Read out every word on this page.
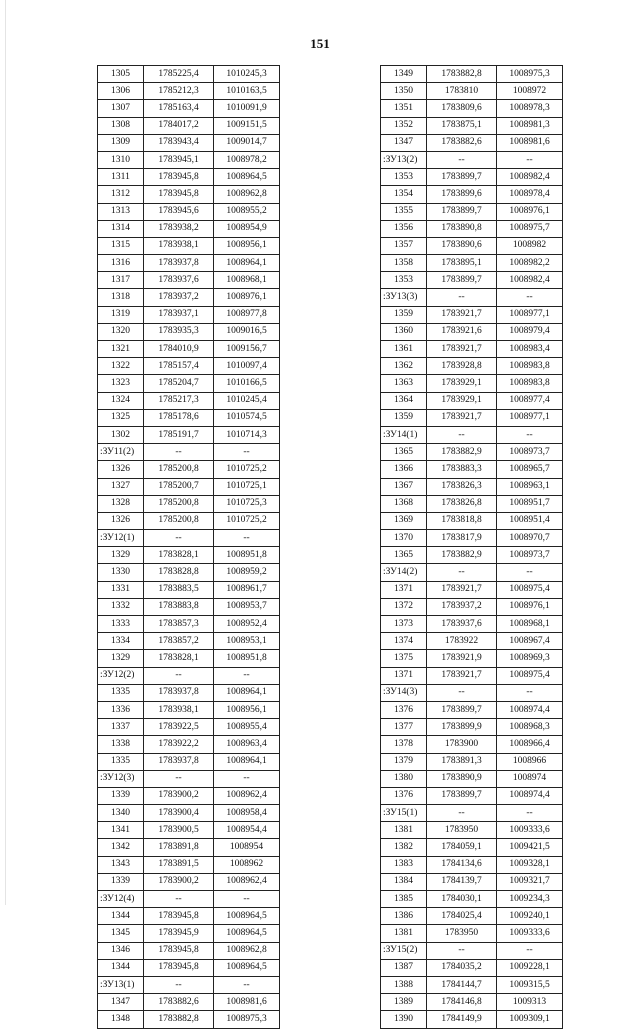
151
1305	1785225,4	1010245,3
1306	1785212,3	1010163,5
1307	1785163,4	1010091,9
1308	1784017,2	1009151,5
1309	1783943,4	1009014,7
1310	1783945,1	1008978,2
1311	1783945,8	1008964,5
1312	1783945,8	1008962,8
1313	1783945,6	1008955,2
1314	1783938,2	1008954,9
1315	1783938,1	1008956,1
1316	1783937,8	1008964,1
1317	1783937,6	1008968,1
1318	1783937,2	1008976,1
1319	1783937,1	1008977,8
1320	1783935,3	1009016,5
1321	1784010,9	1009156,7
1322	1785157,4	1010097,4
1323	1785204,7	1010166,5
1324	1785217,3	1010245,4
1325	1785178,6	1010574,5
1302	1785191,7	1010714,3
:ЗУ11(2)	--	--
1326	1785200,8	1010725,2
1327	1785200,7	1010725,1
1328	1785200,8	1010725,3
1326	1785200,8	1010725,2
:ЗУ12(1)	--	--
1329	1783828,1	1008951,8
1330	1783828,8	1008959,2
1331	1783883,5	1008961,7
1332	1783883,8	1008953,7
1333	1783857,3	1008952,4
1334	1783857,2	1008953,1
1329	1783828,1	1008951,8
:ЗУ12(2)	--	--
1335	1783937,8	1008964,1
1336	1783938,1	1008956,1
1337	1783922,5	1008955,4
1338	1783922,2	1008963,4
1335	1783937,8	1008964,1
:ЗУ12(3)	--	--
1339	1783900,2	1008962,4
1340	1783900,4	1008958,4
1341	1783900,5	1008954,4
1342	1783891,8	1008954
1343	1783891,5	1008962
1339	1783900,2	1008962,4
:ЗУ12(4)	--	--
1344	1783945,8	1008964,5
1345	1783945,9	1008964,5
1346	1783945,8	1008962,8
1344	1783945,8	1008964,5
:ЗУ13(1)	--	--
1347	1783882,6	1008981,6
1348	1783882,8	1008975,3
1349	1783882,8	1008975,3
1350	1783810	1008972
1351	1783809,6	1008978,3
1352	1783875,1	1008981,3
1347	1783882,6	1008981,6
:ЗУ13(2)	--	--
1353	1783899,7	1008982,4
1354	1783899,6	1008978,4
1355	1783899,7	1008976,1
1356	1783890,8	1008975,7
1357	1783890,6	1008982
1358	1783895,1	1008982,2
1353	1783899,7	1008982,4
:ЗУ13(3)	--	--
1359	1783921,7	1008977,1
1360	1783921,6	1008979,4
1361	1783921,7	1008983,4
1362	1783928,8	1008983,8
1363	1783929,1	1008983,8
1364	1783929,1	1008977,4
1359	1783921,7	1008977,1
:ЗУ14(1)	--	--
1365	1783882,9	1008973,7
1366	1783883,3	1008965,7
1367	1783826,3	1008963,1
1368	1783826,8	1008951,7
1369	1783818,8	1008951,4
1370	1783817,9	1008970,7
1365	1783882,9	1008973,7
:ЗУ14(2)	--	--
1371	1783921,7	1008975,4
1372	1783937,2	1008976,1
1373	1783937,6	1008968,1
1374	1783922	1008967,4
1375	1783921,9	1008969,3
1371	1783921,7	1008975,4
:ЗУ14(3)	--	--
1376	1783899,7	1008974,4
1377	1783899,9	1008968,3
1378	1783900	1008966,4
1379	1783891,3	1008966
1380	1783890,9	1008974
1376	1783899,7	1008974,4
:ЗУ15(1)	--	--
1381	1783950	1009333,6
1382	1784059,1	1009421,5
1383	1784134,6	1009328,1
1384	1784139,7	1009321,7
1385	1784030,1	1009234,3
1386	1784025,4	1009240,1
1381	1783950	1009333,6
:ЗУ15(2)	--	--
1387	1784035,2	1009228,1
1388	1784144,7	1009315,5
1389	1784146,8	1009313
1390	1784149,9	1009309,1
